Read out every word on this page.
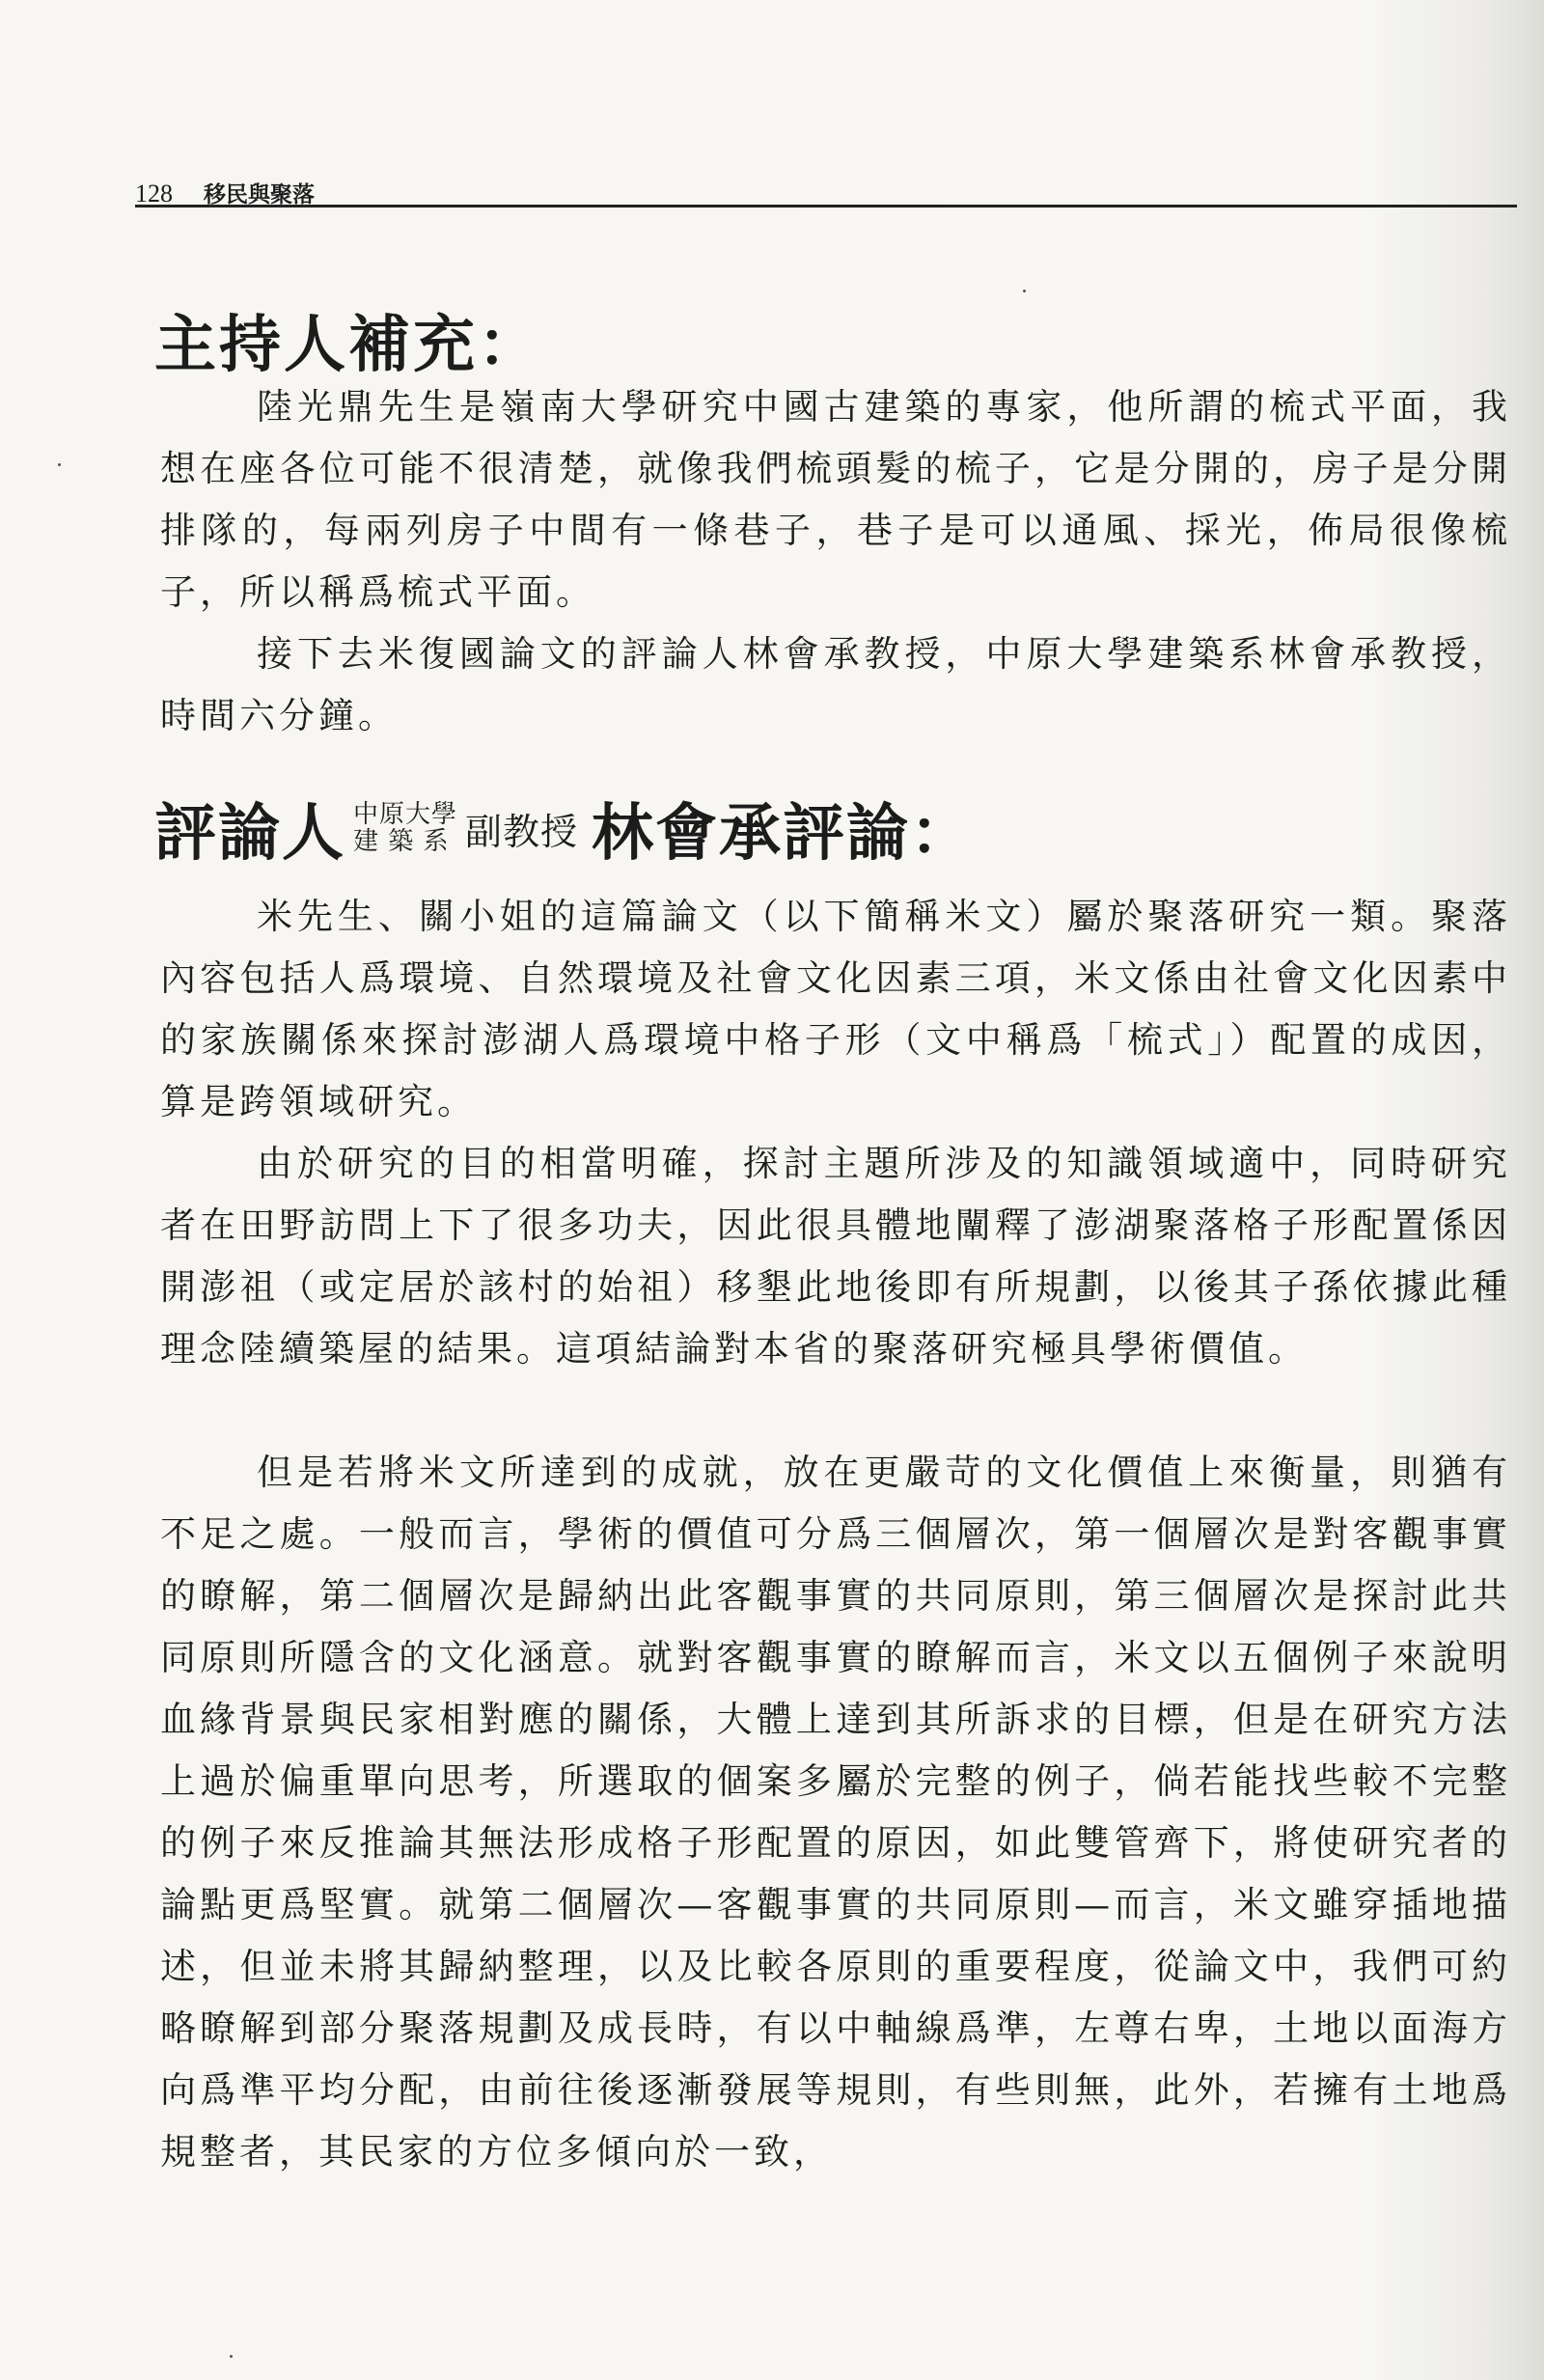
128 移民與聚落
主持人補充：

陸光鼎先生是嶺南大學研究中國古建築的專家，他所謂的梳式平面，我想在座各位可能不很清楚，就像我們梳頭髮的梳子，它是分開的，房子是分開排隊的，每兩列房子中間有一條巷子，巷子是可以通風、採光，佈局很像梳子，所以稱爲梳式平面。

接下去米復國論文的評論人林會承教授，中原大學建築系林會承教授，時間六分鐘。

評論人 中原大學
建 築 系 副教授 林會承評論：

米先生、關小姐的這篇論文（以下簡稱米文）屬於聚落研究一類。聚落內容包括人爲環境、自然環境及社會文化因素三項，米文係由社會文化因素中的家族關係來探討澎湖人爲環境中格子形（文中稱爲「梳式」）配置的成因，算是跨領域研究。

由於研究的目的相當明確，探討主題所涉及的知識領域適中，同時研究者在田野訪問上下了很多功夫，因此很具體地闡釋了澎湖聚落格子形配置係因開澎祖（或定居於該村的始祖）移墾此地後即有所規劃，以後其子孫依據此種理念陸續築屋的結果。這項結論對本省的聚落研究極具學術價值。

但是若將米文所達到的成就，放在更嚴苛的文化價值上來衡量，則猶有不足之處。一般而言，學術的價值可分爲三個層次，第一個層次是對客觀事實的瞭解，第二個層次是歸納出此客觀事實的共同原則，第三個層次是探討此共同原則所隱含的文化涵意。就對客觀事實的瞭解而言，米文以五個例子來說明血緣背景與民家相對應的關係，大體上達到其所訴求的目標，但是在研究方法上過於偏重單向思考，所選取的個案多屬於完整的例子，倘若能找些較不完整的例子來反推論其無法形成格子形配置的原因，如此雙管齊下，將使研究者的論點更爲堅實。就第二個層次—客觀事實的共同原則—而言，米文雖穿插地描述，但並未將其歸納整理，以及比較各原則的重要程度，從論文中，我們可約略瞭解到部分聚落規劃及成長時，有以中軸線爲準，左尊右卑，土地以面海方向爲準平均分配，由前往後逐漸發展等規則，有些則無，此外，若擁有土地爲規整者，其民家的方位多傾向於一致，
